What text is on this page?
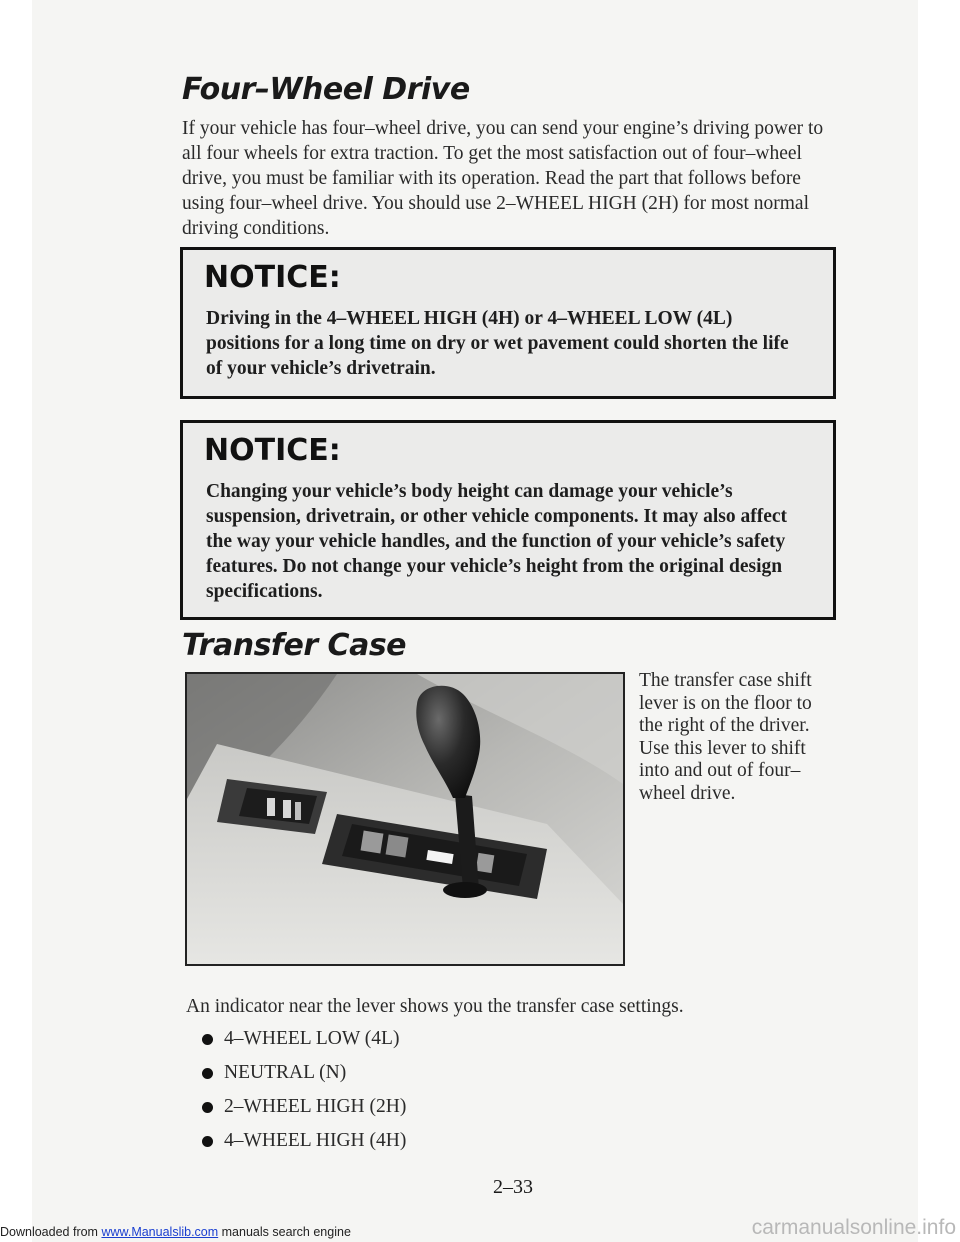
Four–Wheel Drive

If your vehicle has four–wheel drive, you can send your engine’s driving power to all four wheels for extra traction. To get the most satisfaction out of four–wheel drive, you must be familiar with its operation. Read the part that follows before using four–wheel drive. You should use 2–WHEEL HIGH (2H) for most normal driving conditions.

NOTICE:

Driving in the 4–WHEEL HIGH (4H) or 4–WHEEL LOW (4L) positions for a long time on dry or wet pavement could shorten the life of your vehicle’s drivetrain.

NOTICE:

Changing your vehicle’s body height can damage your vehicle’s suspension, drivetrain, or other vehicle components. It may also affect the way your vehicle handles, and the function of your vehicle’s safety features. Do not change your vehicle’s height from the original design specifications.

Transfer Case

The transfer case shift lever is on the floor to the right of the driver. Use this lever to shift into and out of four–wheel drive.

An indicator near the lever shows you the transfer case settings.

4–WHEEL LOW (4L)
NEUTRAL (N)
2–WHEEL HIGH (2H)
4–WHEEL HIGH (4H)

2–33

Downloaded from www.Manualslib.com manuals search engine	carmanualsonline.info
